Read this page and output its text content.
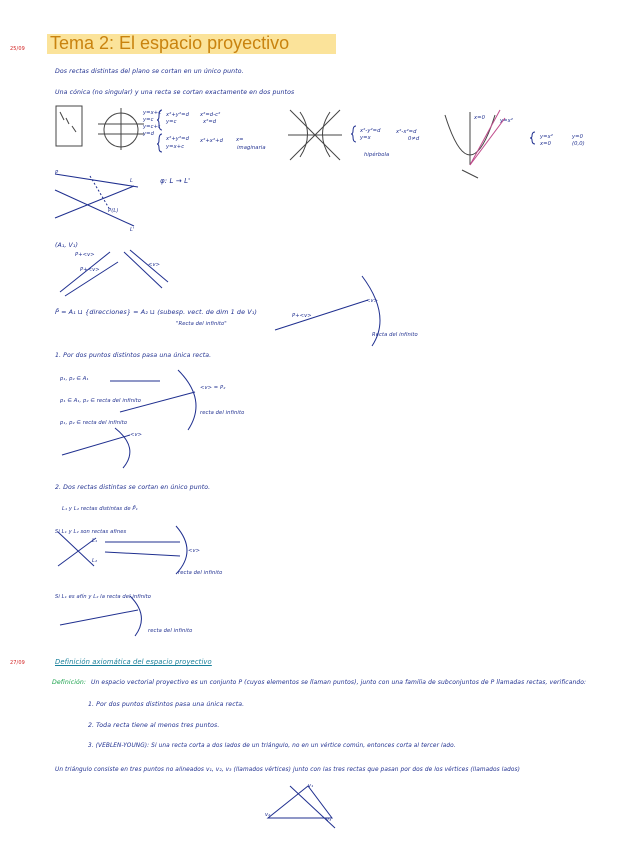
25/09 Tema 2: El espacio proyectivo
Dos rectas distintas del plano se cortan en un único punto.
Una cónica (no singular) y una recta se cortan exactamente en dos puntos
y=x+c
y=c
y=c+t
y=d
x²+y²=d
y=c
x²=d-c²
x²=d
x²+y²=d
y=x+c
x²+x²+d	x=
imaginaria
x²-y²=d
y=x
x²-x²=d
0≠d
hipérbola
y=x²
x=0
y=x²
x=0
y=0
(0,0)
φ: L → L'
P
L
L'
P(L)
(A₁, V₁)
P+<v>
P+<v>
<v>
P̄ = A₁ ⊔ {direcciones} = A₂ ⊔ (subesp. vect. de dim 1 de V₁)
"Recta del infinito"
P+<v>
<v>
Recta del infinito
1. Por dos puntos distintos pasa una única recta.
p₁, p₂ ∈ A₁
p₁ ∈ A₁, p₂ ∈ recta del infinito
p₁, p₂ ∈ recta del infinito
<v> = P₂
recta del infinito
<v>
2. Dos rectas distintas se cortan en único punto.
L₁ y L₂ rectas distintas de P̄₁
Si L₁ y L₂ son rectas afines
Si L₁ es afín y L₂ la recta del infinito
L₁
L₂
<v>
recta del infinito
recta del infinito
27/09	Definición axiomática del espacio proyectivo
Definición: Un espacio vectorial proyectivo es un conjunto P (cuyos elementos se llaman puntos), junto con una familia de subconjuntos de P llamadas rectas, verificando:
1. Por dos puntos distintos pasa una única recta.
2. Toda recta tiene al menos tres puntos.
3. (VEBLEN-YOUNG): Si una recta corta a dos lados de un triángulo, no en un vértice común, entonces corta al tercer lado.
Un triángulo consiste en tres puntos no alineados v₁, v₂, v₃ (llamados vértices) junto con las tres rectas que pasan por dos de los vértices (llamados lados)
v₁
v₂
v₃
